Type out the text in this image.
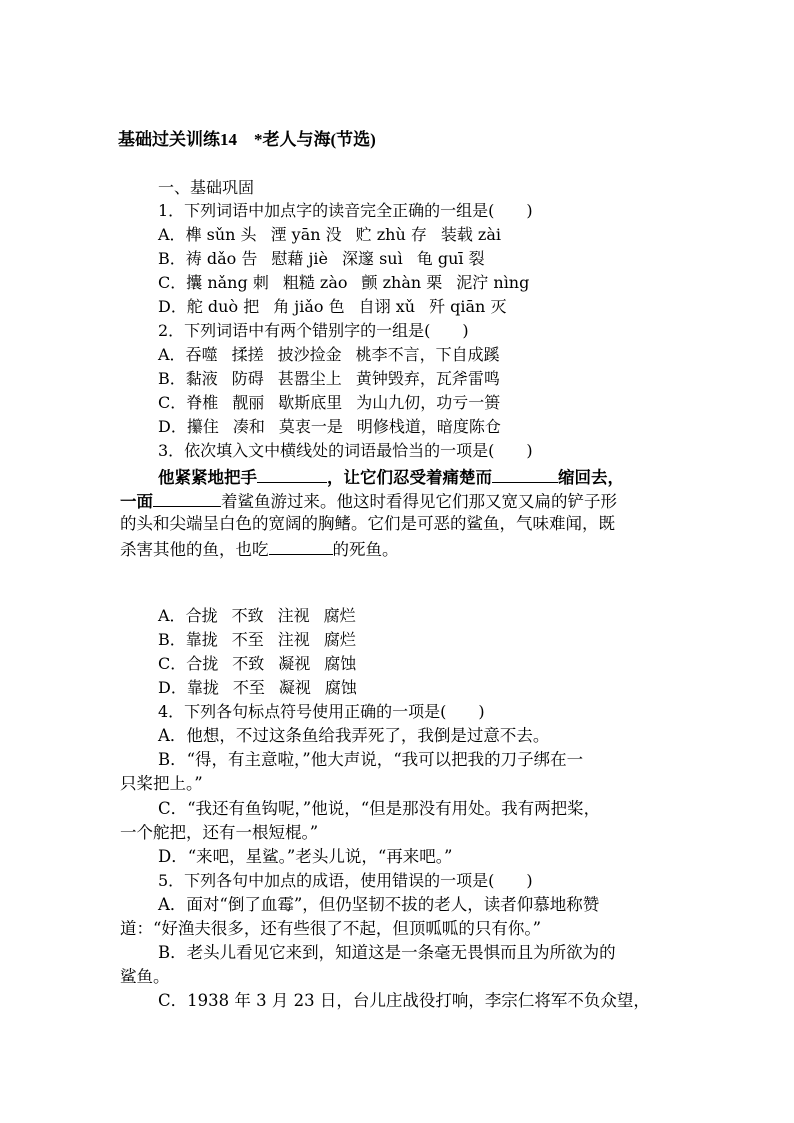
基础过关训练14　*老人与海(节选)
一、基础巩固
1．下列词语中加点字的读音完全正确的一组是(　　)
A．榫 sǔn 头 湮 yān 没 贮 zhù 存 装载 zài
B．祷 dǎo 告 慰藉 jiè 深邃 suì 龟 guī 裂
C．攮 nǎng 刺 粗糙 zào 颤 zhàn 栗 泥泞 nìng
D．舵 duò 把 角 jiǎo 色 自诩 xǔ 歼 qiān 灭
2．下列词语中有两个错别字的一组是(　　)
A．吞噬 揉搓 披沙捡金 桃李不言，下自成蹊
B．黏液 防碍 甚嚣尘上 黄钟毁弃，瓦斧雷鸣
C．脊椎 靓丽 歇斯底里 为山九仞，功亏一篑
D．攥住 凑和 莫衷一是 明修栈道，暗度陈仓
3．依次填入文中横线处的词语最恰当的一项是(　　)
他紧紧地把手	，让它们忍受着痛楚而	缩回去，
一面	着鲨鱼游过来。他这时看得见它们那又宽又扁的铲子形
的头和尖端呈白色的宽阔的胸鳍。它们是可恶的鲨鱼，气味难闻，既
杀害其他的鱼，也吃	的死鱼。
A．合拢 不致 注视 腐烂
B．靠拢 不至 注视 腐烂
C．合拢 不致 凝视 腐蚀
D．靠拢 不至 凝视 腐蚀
4．下列各句标点符号使用正确的一项是(　　)
A．他想，不过这条鱼给我弄死了，我倒是过意不去。
B．“得，有主意啦，”他大声说，“我可以把我的刀子绑在一
只桨把上。”
C．“我还有鱼钩呢，”他说，“但是那没有用处。我有两把桨，
一个舵把，还有一根短棍。”
D．“来吧，星鲨。”老头儿说，“再来吧。”
5．下列各句中加点的成语，使用错误的一项是(　　)
A．面对“倒了血霉”，但仍坚韧不拔的老人，读者仰慕地称赞
道：“好渔夫很多，还有些很了不起，但顶呱呱的只有你。”
B．老头儿看见它来到，知道这是一条毫无畏惧而且为所欲为的
鲨鱼。
C．1938 年 3 月 23 日，台儿庄战役打响，李宗仁将军不负众望，
